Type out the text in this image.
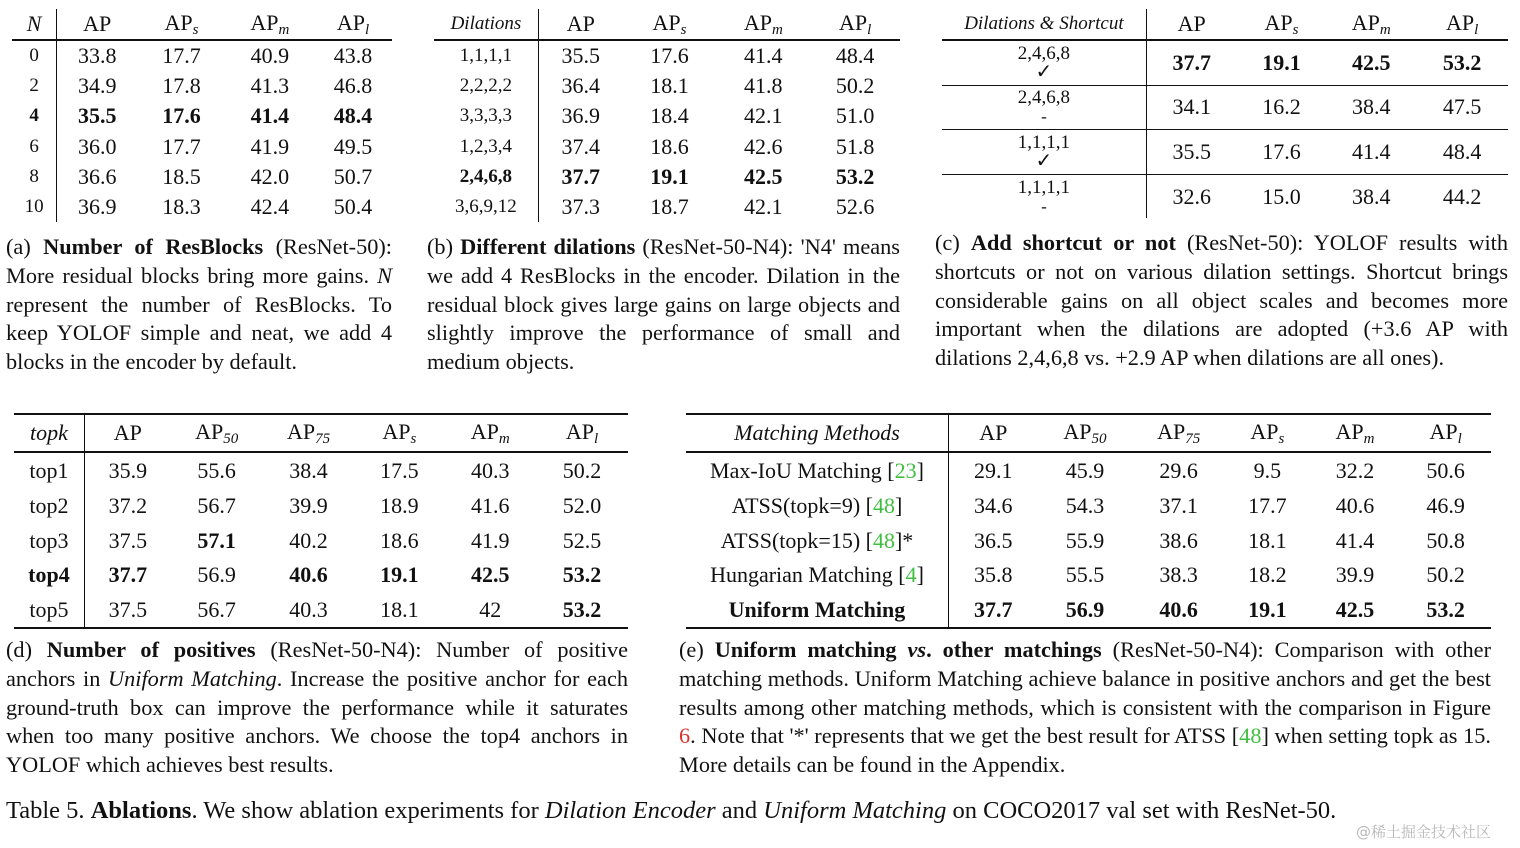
N	AP	$AP_s$	$AP_m$	$AP_l$
0	33.8	17.7	40.9	43.8
2	34.9	17.8	41.3	46.8
4	35.5	17.6	41.4	48.4
6	36.0	17.7	41.9	49.5
8	36.6	18.5	42.0	50.7
10	36.9	18.3	42.4	50.4
(a) Number of ResBlocks (ResNet-50): More residual blocks bring more gains. N represent the number of ResBlocks. To keep YOLOF simple and neat, we add 4 blocks in the encoder by default.
Dilations	AP	$AP_s$	$AP_m$	$AP_l$
1,1,1,1	35.5	17.6	41.4	48.4
2,2,2,2	36.4	18.1	41.8	50.2
3,3,3,3	36.9	18.4	42.1	51.0
1,2,3,4	37.4	18.6	42.6	51.8
2,4,6,8	37.7	19.1	42.5	53.2
3,6,9,12	37.3	18.7	42.1	52.6
(b) Different dilations (ResNet-50-N4): 'N4' means we add 4 ResBlocks in the encoder. Dilation in the residual block gives large gains on large objects and slightly improve the performance of small and medium objects.
Dilations & Shortcut	AP	$AP_s$	$AP_m$	$AP_l$

2,4,6,8
✓	37.7	19.1	42.5	53.2

2,4,6,8
-	34.1	16.2	38.4	47.5

1,1,1,1
✓	35.5	17.6	41.4	48.4

1,1,1,1
-	32.6	15.0	38.4	44.2
(c) Add shortcut or not (ResNet-50): YOLOF results with shortcuts or not on various dilation settings. Shortcut brings considerable gains on all object scales and becomes more important when the dilations are adopted (+3.6 AP with dilations 2,4,6,8 vs. +2.9 AP when dilations are all ones).
topk	AP	$AP_{50}$	$AP_{75}$	$AP_s$	$AP_m$	$AP_l$
top1	35.9	55.6	38.4	17.5	40.3	50.2
top2	37.2	56.7	39.9	18.9	41.6	52.0
top3	37.5	57.1	40.2	18.6	41.9	52.5
top4	37.7	56.9	40.6	19.1	42.5	53.2
top5	37.5	56.7	40.3	18.1	42	53.2
(d) Number of positives (ResNet-50-N4): Number of positive anchors in Uniform Matching. Increase the positive anchor for each ground-truth box can improve the performance while it saturates when too many positive anchors. We choose the top4 anchors in YOLOF which achieves best results.
Matching Methods	AP	$AP_{50}$	$AP_{75}$	$AP_s$	$AP_m$	$AP_l$
Max-IoU Matching [23]	29.1	45.9	29.6	9.5	32.2	50.6
ATSS(topk=9) [48]	34.6	54.3	37.1	17.7	40.6	46.9
ATSS(topk=15) [48]*	36.5	55.9	38.6	18.1	41.4	50.8
Hungarian Matching [4]	35.8	55.5	38.3	18.2	39.9	50.2
Uniform Matching	37.7	56.9	40.6	19.1	42.5	53.2
(e) Uniform matching vs. other matchings (ResNet-50-N4): Comparison with other matching methods. Uniform Matching achieve balance in positive anchors and get the best results among other matching methods, which is consistent with the comparison in Figure 6. Note that '*' represents that we get the best result for ATSS [48] when setting topk as 15. More details can be found in the Appendix.
Table 5. Ablations. We show ablation experiments for Dilation Encoder and Uniform Matching on COCO2017 val set with ResNet-50.
@稀土掘金技术社区
